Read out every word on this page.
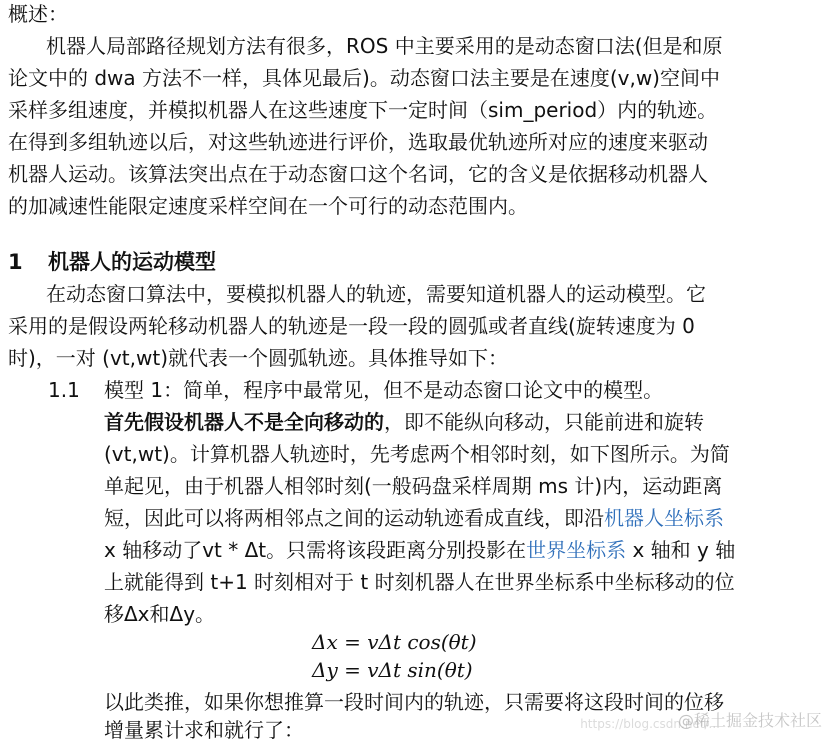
概述：
机器人局部路径规划方法有很多，ROS 中主要采用的是动态窗口法(但是和原
论文中的 dwa 方法不一样，具体见最后)。动态窗口法主要是在速度(v,w)空间中
采样多组速度，并模拟机器人在这些速度下一定时间（sim_period）内的轨迹。
在得到多组轨迹以后，对这些轨迹进行评价，选取最优轨迹所对应的速度来驱动
机器人运动。该算法突出点在于动态窗口这个名词，它的含义是依据移动机器人
的加减速性能限定速度采样空间在一个可行的动态范围内。
1 机器人的运动模型
在动态窗口算法中，要模拟机器人的轨迹，需要知道机器人的运动模型。它
采用的是假设两轮移动机器人的轨迹是一段一段的圆弧或者直线(旋转速度为 0
时)，一对 (vt,wt)就代表一个圆弧轨迹。具体推导如下：
1.1 模型 1：简单，程序中最常见，但不是动态窗口论文中的模型。
首先假设机器人不是全向移动的，即不能纵向移动，只能前进和旋转
(vt,wt)。计算机器人轨迹时，先考虑两个相邻时刻，如下图所示。为简
单起见，由于机器人相邻时刻(一般码盘采样周期 ms 计)内，运动距离
短，因此可以将两相邻点之间的运动轨迹看成直线，即沿机器人坐标系
x 轴移动了vt * Δt。只需将该段距离分别投影在世界坐标系 x 轴和 y 轴
上就能得到 t+1 时刻相对于 t 时刻机器人在世界坐标系中坐标移动的位
移Δx和Δy。
Δx = vΔt cos(θt)
Δy = vΔt sin(θt)
以此类推，如果你想推算一段时间内的轨迹，只需要将这段时间的位移
增量累计求和就行了：	https://blog.csdn.net/...
@稀土掘金技术社区
